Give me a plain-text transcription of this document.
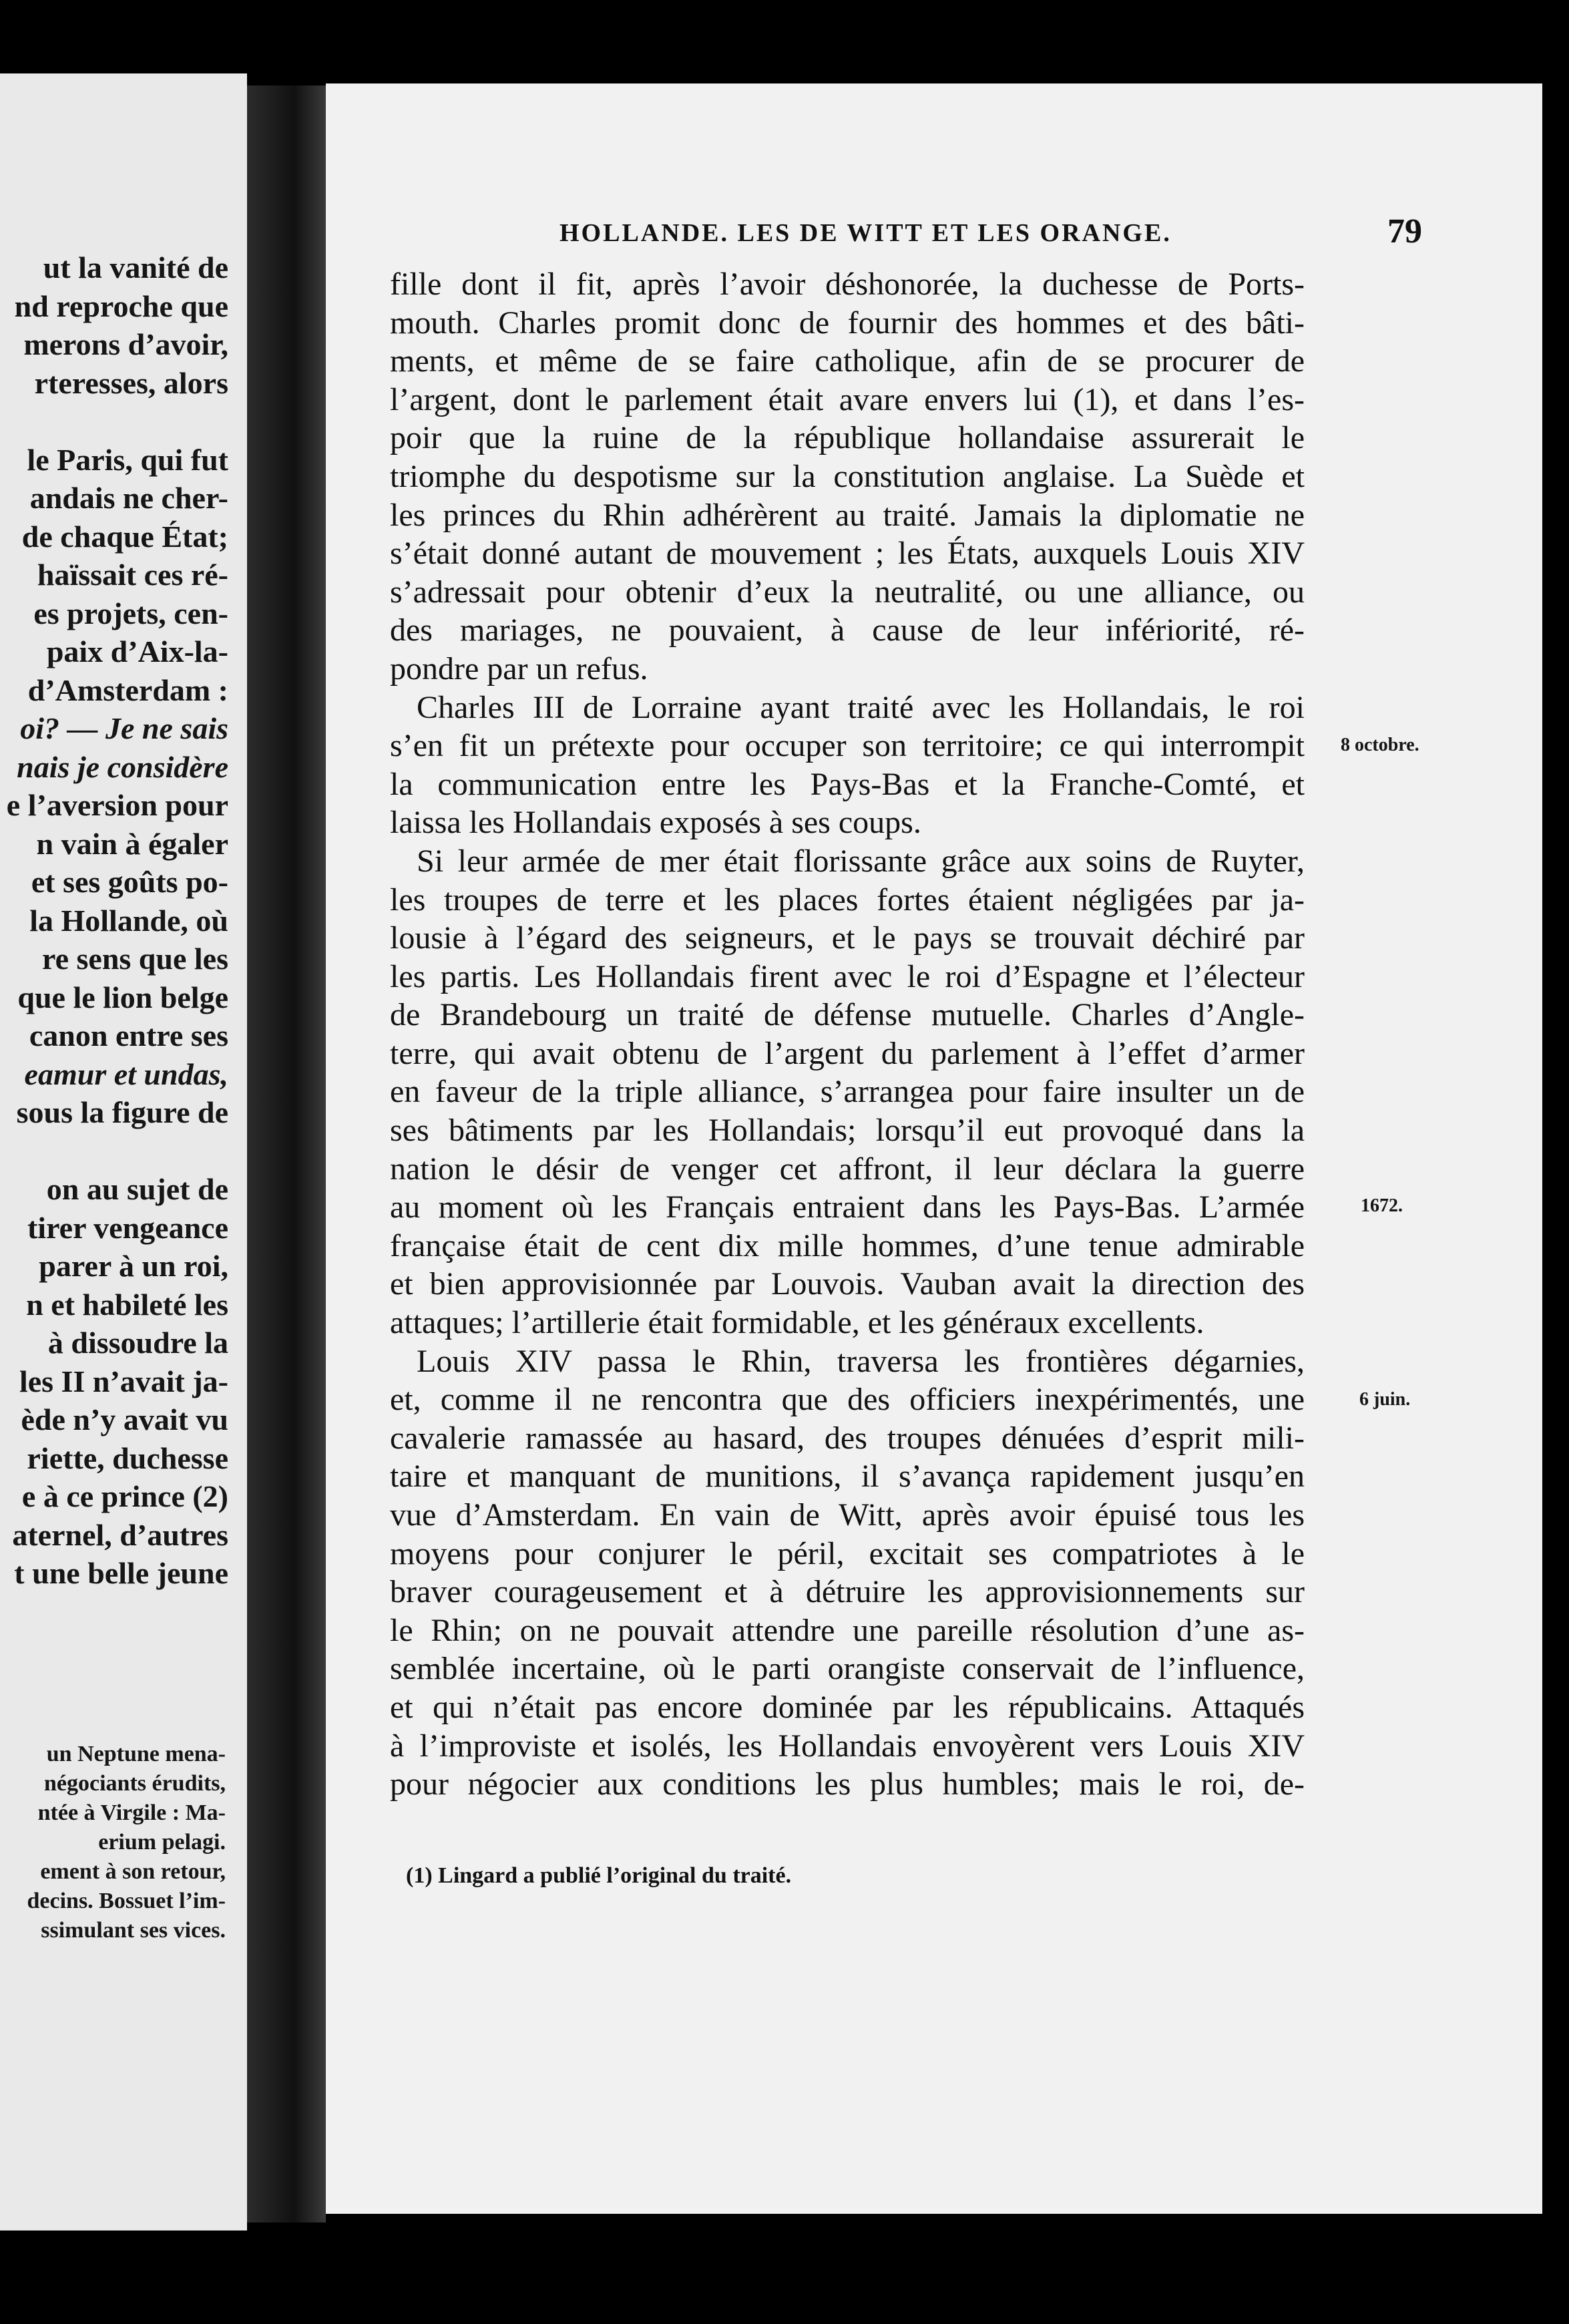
ut la vanité de
nd reproche que
merons d’avoir,
rteresses, alors
le Paris, qui fut
andais ne cher-
de chaque État;
haïssait ces ré-
es projets, cen-
paix d’Aix-la-
d’Amsterdam :
oi? — Je ne sais
nais je considère
e l’aversion pour
n vain à égaler
et ses goûts po-
la Hollande, où
re sens que les
que le lion belge
canon entre ses
eamur et undas,
sous la figure de
on au sujet de
tirer vengeance
parer à un roi,
n et habileté les
à dissoudre la
les II n’avait ja-
ède n’y avait vu
riette, duchesse
e à ce prince (2)
aternel, d’autres
t une belle jeune
un Neptune mena-
négociants érudits,
ntée à Virgile : Ma-
erium pelagi.
ement à son retour,
decins. Bossuet l’im-
ssimulant ses vices.
HOLLANDE. LES DE WITT ET LES ORANGE.	79
fille dont il fit, après l’avoir déshonorée, la duchesse de Ports-
mouth. Charles promit donc de fournir des hommes et des bâti-
ments, et même de se faire catholique, afin de se procurer de
l’argent, dont le parlement était avare envers lui (1), et dans l’es-
poir que la ruine de la république hollandaise assurerait le
triomphe du despotisme sur la constitution anglaise. La Suède et
les princes du Rhin adhérèrent au traité. Jamais la diplomatie ne
s’était donné autant de mouvement ; les États, auxquels Louis XIV
s’adressait pour obtenir d’eux la neutralité, ou une alliance, ou
des mariages, ne pouvaient, à cause de leur infériorité, ré-
pondre par un refus.
Charles III de Lorraine ayant traité avec les Hollandais, le roi
s’en fit un prétexte pour occuper son territoire; ce qui interrompit
la communication entre les Pays-Bas et la Franche-Comté, et
laissa les Hollandais exposés à ses coups.
Si leur armée de mer était florissante grâce aux soins de Ruyter,
les troupes de terre et les places fortes étaient négligées par ja-
lousie à l’égard des seigneurs, et le pays se trouvait déchiré par
les partis. Les Hollandais firent avec le roi d’Espagne et l’électeur
de Brandebourg un traité de défense mutuelle. Charles d’Angle-
terre, qui avait obtenu de l’argent du parlement à l’effet d’armer
en faveur de la triple alliance, s’arrangea pour faire insulter un de
ses bâtiments par les Hollandais; lorsqu’il eut provoqué dans la
nation le désir de venger cet affront, il leur déclara la guerre
au moment où les Français entraient dans les Pays-Bas. L’armée
française était de cent dix mille hommes, d’une tenue admirable
et bien approvisionnée par Louvois. Vauban avait la direction des
attaques; l’artillerie était formidable, et les généraux excellents.
Louis XIV passa le Rhin, traversa les frontières dégarnies,
et, comme il ne rencontra que des officiers inexpérimentés, une
cavalerie ramassée au hasard, des troupes dénuées d’esprit mili-
taire et manquant de munitions, il s’avança rapidement jusqu’en
vue d’Amsterdam. En vain de Witt, après avoir épuisé tous les
moyens pour conjurer le péril, excitait ses compatriotes à le
braver courageusement et à détruire les approvisionnements sur
le Rhin; on ne pouvait attendre une pareille résolution d’une as-
semblée incertaine, où le parti orangiste conservait de l’influence,
et qui n’était pas encore dominée par les républicains. Attaqués
à l’improviste et isolés, les Hollandais envoyèrent vers Louis XIV
pour négocier aux conditions les plus humbles; mais le roi, de-
8 octobre.
1672.
6 juin.
(1) Lingard a publié l’original du traité.
